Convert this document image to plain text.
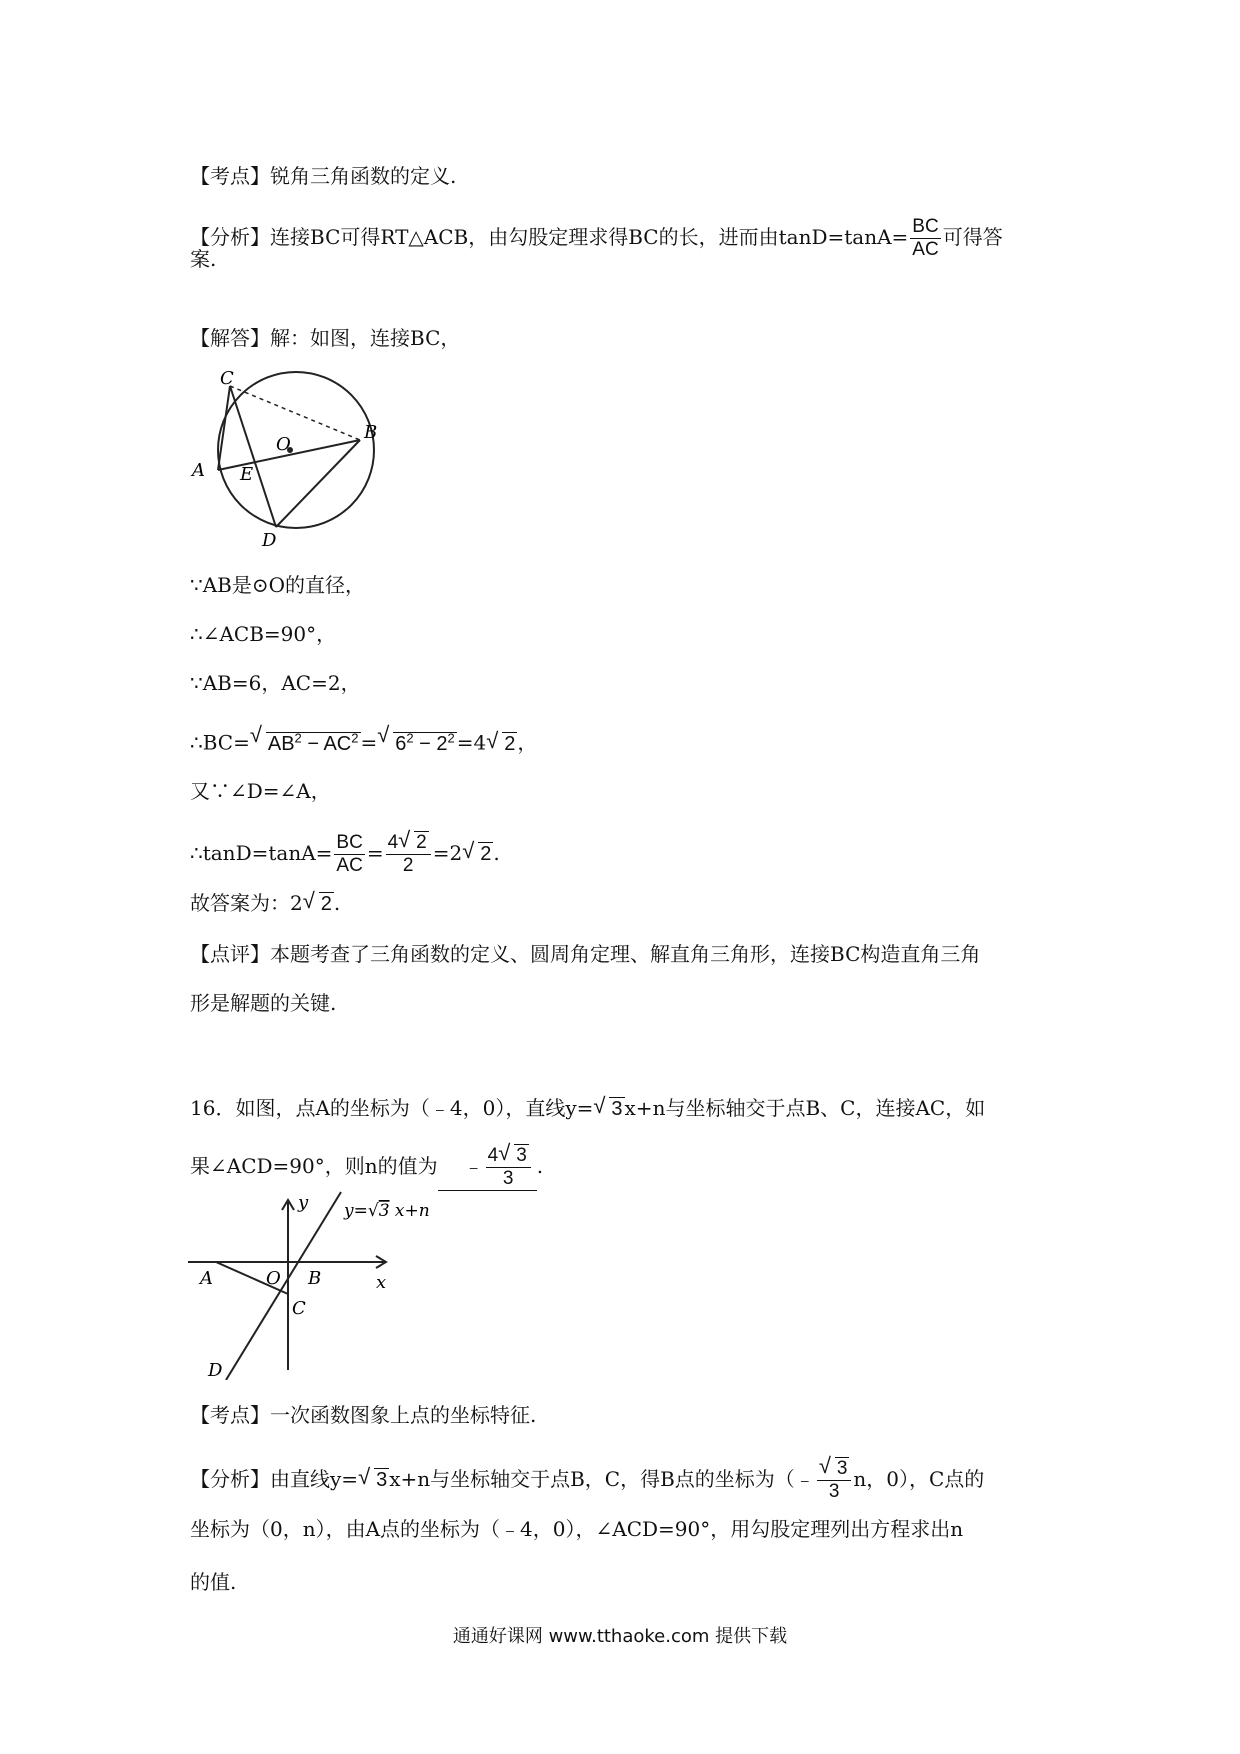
【考点】锐角三角函数的定义.
【分析】连接BC可得RT△ACB，由勾股定理求得BC的长，进而由$\tan D=\tan A= \frac{BC}{AC}$ 可得答
案.
【解答】解：如图，连接BC，
C
B
O
A E
D
∵AB是⊙O的直径，
∴∠ACB=90°，
∵AB=6，AC=2，
∴BC= √ $AB^2 - AC^2$ = √ $6^2 - 2^2 =4$ √ 2 ，
又∵∠D=∠A，
∴tanD=tanA= $\frac{BC}{AC} = \frac{4 √ 2}{2} =2$ √ 2 .
故答案为：2 √ 2 .
【点评】本题考查了三角函数的定义、圆周角定理、解直角三角形，连接BC构造直角三角
形是解题的关键.
16．如图，点A的坐标为（﹣4，0），直线y= √ 3 x+n与坐标轴交于点B、C，连接AC，如
果∠ACD=90°，则n的值为 ﹣ $\frac{4 √ 3}{3}$ .
y
x
A	O B
C
D
y=√3 x+n
【考点】一次函数图象上点的坐标特征.
【分析】由直线y= √ 3 x+n与坐标轴交于点B，C，得B点的坐标为（﹣ √ $\frac{3}{3}$ n，0），C点的
坐标为（0，n），由A点的坐标为（﹣4，0），∠ACD=90°，用勾股定理列出方程求出n
的值.
通通好课网 www.tthaoke.com 提供下载
